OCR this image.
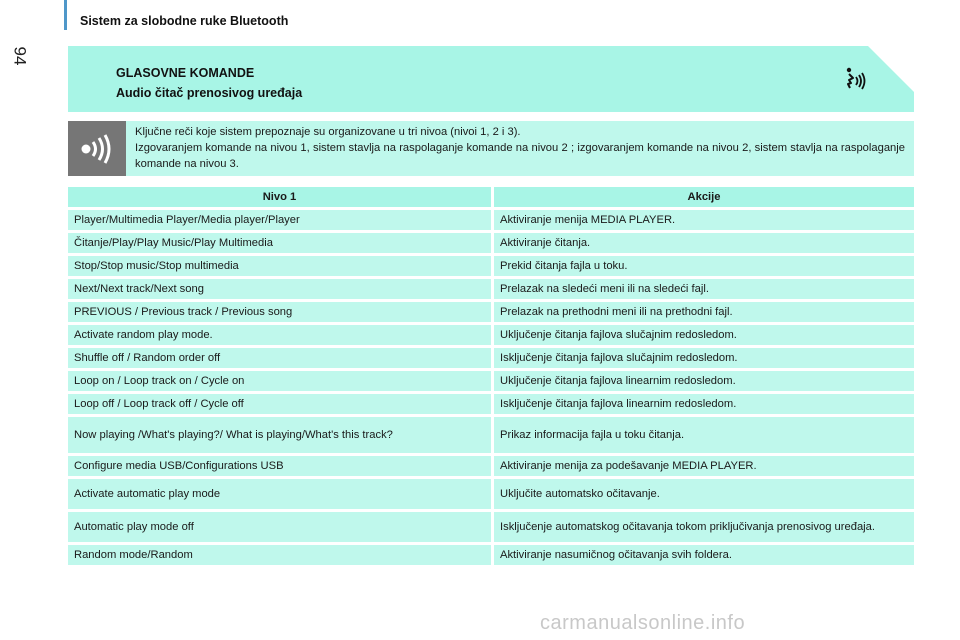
94
Sistem za slobodne ruke Bluetooth
GLASOVNE KOMANDE
Audio čitač prenosivog uređaja

Ključne reči koje sistem prepoznaje su organizovane u tri nivoa (nivoi 1, 2 i 3).

Izgovaranjem komande na nivou 1, sistem stavlja na raspolaganje komande na nivou 2 ; izgovaranjem komande na nivou 2, sistem stavlja na raspolaganje komande na nivou 3.

Nivo 1	Akcije
Player/Multimedia Player/Media player/Player	Aktiviranje menija MEDIA PLAYER.
Čitanje/Play/Play Music/Play Multimedia	Aktiviranje čitanja.
Stop/Stop music/Stop multimedia	Prekid čitanja fajla u toku.
Next/Next track/Next song	Prelazak na sledeći meni ili na sledeći fajl.
PREVIOUS / Previous track / Previous song	Prelazak na prethodni meni ili na prethodni fajl.
Activate random play mode.	Uključenje čitanja fajlova slučajnim redosledom.
Shuffle off / Random order off	Isključenje čitanja fajlova slučajnim redosledom.
Loop on / Loop track on / Cycle on	Uključenje čitanja fajlova linearnim redosledom.
Loop off / Loop track off / Cycle off	Isključenje čitanja fajlova linearnim redosledom.
Now playing /What's playing?/ What is playing/What's this track?	Prikaz informacija fajla u toku čitanja.
Configure media USB/Configurations USB	Aktiviranje menija za podešavanje MEDIA PLAYER.
Activate automatic play mode	Uključite automatsko očitavanje.
Automatic play mode off	Isključenje automatskog očitavanja tokom priključivanja prenosivog uređaja.
Random mode/Random	Aktiviranje nasumičnog očitavanja svih foldera.
carmanualsonline.info
